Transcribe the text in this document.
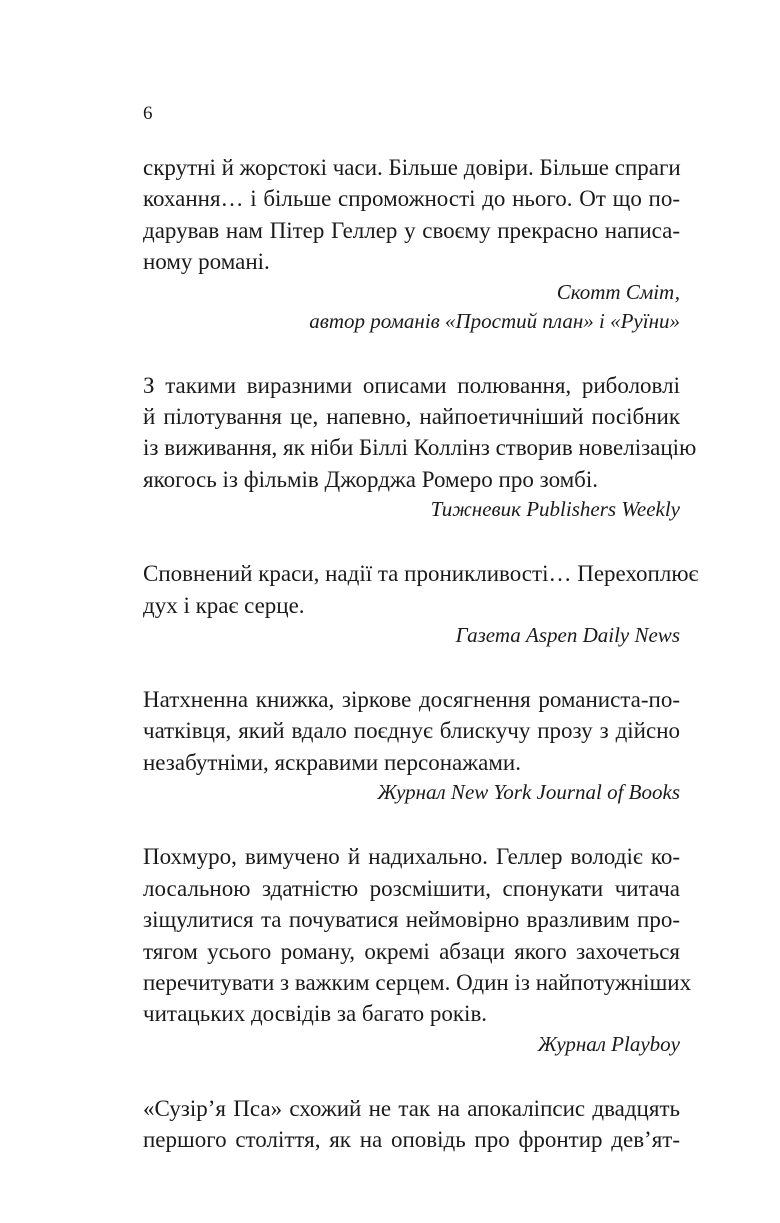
6
скрутні й жорстокі часи. Більше довіри. Більше спраги
кохання… і більше спроможності до нього. От що по-
дарував нам Пітер Геллер у своєму прекрасно написа-
ному романі.
Скотт Сміт,
автор романів «Простий план» і «Руїни»
З такими виразними описами полювання, риболовлі
й пілотування це, напевно, найпоетичніший посібник
із виживання, як ніби Біллі Коллінз створив новелізацію
якогось із фільмів Джорджа Ромеро про зомбі.
Тижневик Publishers Weekly
Сповнений краси, надії та проникливості… Перехоплює
дух і крає серце.
Газета Aspen Daily News
Натхненна книжка, зіркове досягнення романиста-по-
чатківця, який вдало поєднує блискучу прозу з дійсно
незабутніми, яскравими персонажами.
Журнал New York Journal of Books
Похмуро, вимучено й надихально. Геллер володіє ко-
лосальною здатністю розсмішити, спонукати читача
зіщулитися та почуватися неймовірно вразливим про-
тягом усього роману, окремі абзаци якого захочеться
перечитувати з важким серцем. Один із найпотужніших
читацьких досвідів за багато років.
Журнал Playboy
«Сузір’я Пса» схожий не так на апокаліпсис двадцять
першого століття, як на оповідь про фронтир дев’ят-
